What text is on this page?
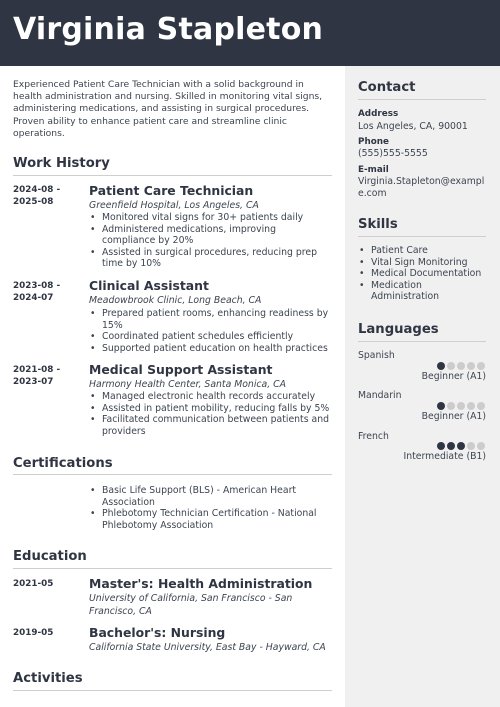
Virginia Stapleton

Experienced Patient Care Technician with a solid background in health administration and nursing. Skilled in monitoring vital signs, administering medications, and assisting in surgical procedures. Proven ability to enhance patient care and streamline clinic operations.

Work History
2024-08 -
2025-08
Patient Care Technician
Greenfield Hospital, Los Angeles, CA
• Monitored vital signs for 30+ patients daily
• Administered medications, improving compliance by 20%
• Assisted in surgical procedures, reducing prep time by 10%
2023-08 -
2024-07
Clinical Assistant
Meadowbrook Clinic, Long Beach, CA
• Prepared patient rooms, enhancing readiness by 15%
• Coordinated patient schedules efficiently
• Supported patient education on health practices
2021-08 -
2023-07
Medical Support Assistant
Harmony Health Center, Santa Monica, CA
• Managed electronic health records accurately
• Assisted in patient mobility, reducing falls by 5%
• Facilitated communication between patients and providers
Certifications
• Basic Life Support (BLS) - American Heart Association
• Phlebotomy Technician Certification - National Phlebotomy Association
Education
2021-05	Master's: Health Administration
University of California, San Francisco - San Francisco, CA
2019-05	Bachelor's: Nursing
California State University, East Bay - Hayward, CA
Activities
Contact
Address
Los Angeles, CA, 90001
Phone
(555)555-5555
E-mail
Virginia.Stapleton@example.com
Skills
• Patient Care
• Vital Sign Monitoring
• Medical Documentation
• Medication Administration
Languages
Spanish
Beginner (A1)
Mandarin
Beginner (A1)
French
Intermediate (B1)
